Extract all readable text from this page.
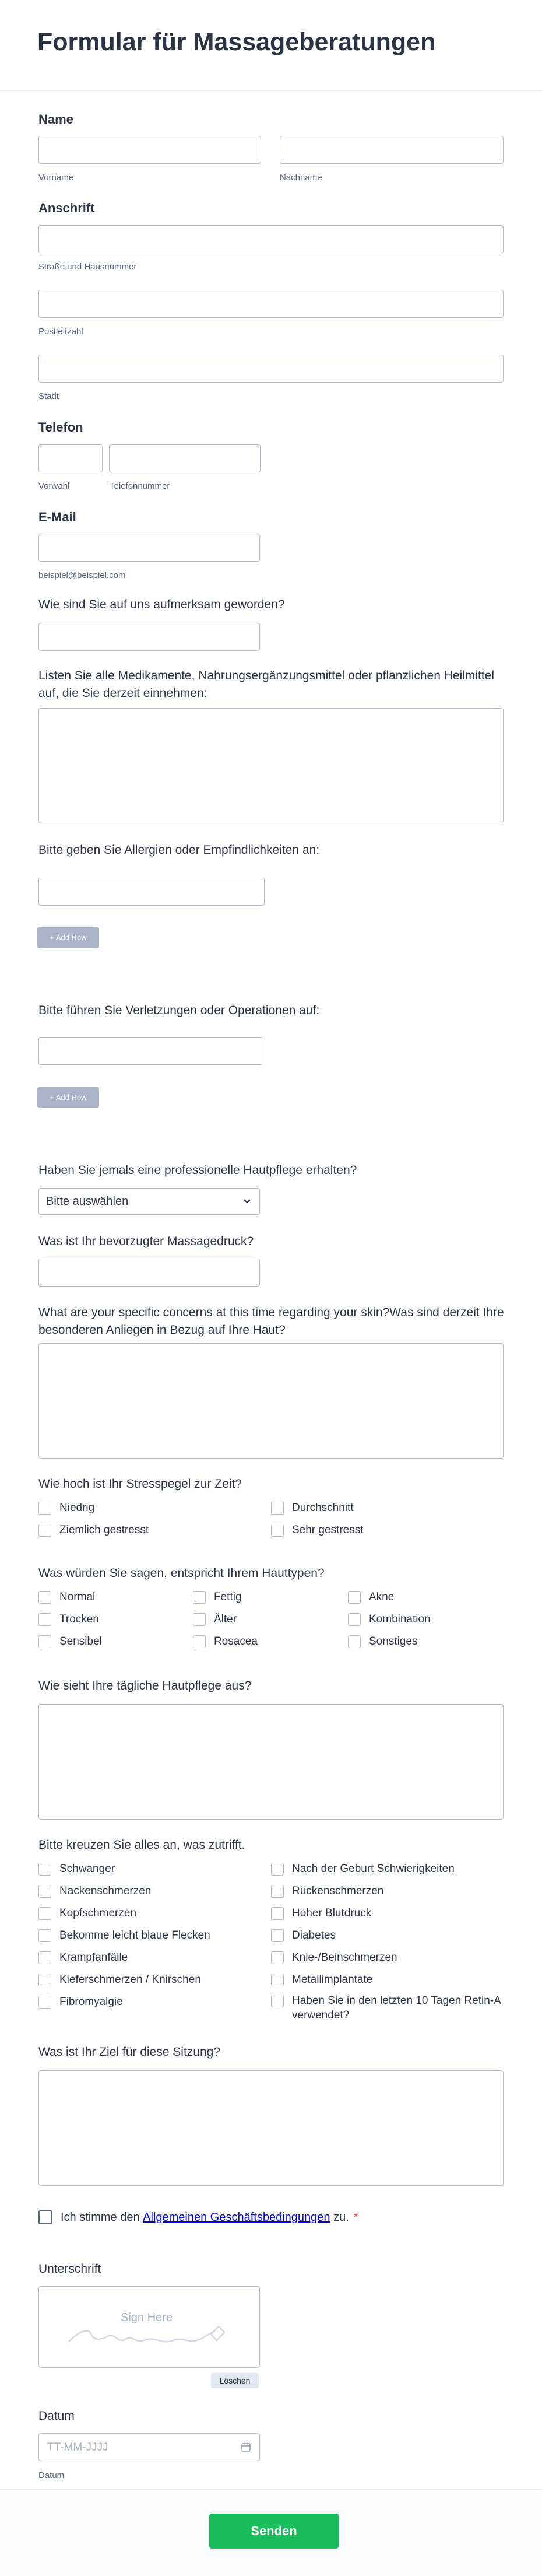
Formular für Massageberatungen
Name
Vorname	Nachname
Anschrift
Straße und Hausnummer
Postleitzahl
Stadt
Telefon
Vorwahl	Telefonnummer
E-Mail
beispiel@beispiel.com
Wie sind Sie auf uns aufmerksam geworden?
Listen Sie alle Medikamente, Nahrungsergänzungsmittel oder pflanzlichen Heilmittel auf, die Sie derzeit einnehmen:
Bitte geben Sie Allergien oder Empfindlichkeiten an:
+ Add Row
Bitte führen Sie Verletzungen oder Operationen auf:
+ Add Row
Haben Sie jemals eine professionelle Hautpflege erhalten?
Bitte auswählen
Was ist Ihr bevorzugter Massagedruck?
What are your specific concerns at this time regarding your skin?Was sind derzeit Ihre besonderen Anliegen in Bezug auf Ihre Haut?
Wie hoch ist Ihr Stresspegel zur Zeit?
Niedrig	Durchschnitt
Ziemlich gestresst	Sehr gestresst
Was würden Sie sagen, entspricht Ihrem Hauttypen?
Normal	Fettig	Akne
Trocken	Älter	Kombination
Sensibel	Rosacea	Sonstiges
Wie sieht Ihre tägliche Hautpflege aus?
Bitte kreuzen Sie alles an, was zutrifft.
Schwanger
Nackenschmerzen
Kopfschmerzen
Bekomme leicht blaue Flecken
Krampfanfälle
Kieferschmerzen / Knirschen
Fibromyalgie
Nach der Geburt Schwierigkeiten
Rückenschmerzen
Hoher Blutdruck
Diabetes
Knie-/Beinschmerzen
Metallimplantate
Haben Sie in den letzten 10 Tagen Retin-A verwendet?
Was ist Ihr Ziel für diese Sitzung?
Ich stimme den Allgemeinen Geschäftsbedingungen zu. *
Unterschrift
Sign Here
Löschen
Datum
TT-MM-JJJJ
Datum
Senden
